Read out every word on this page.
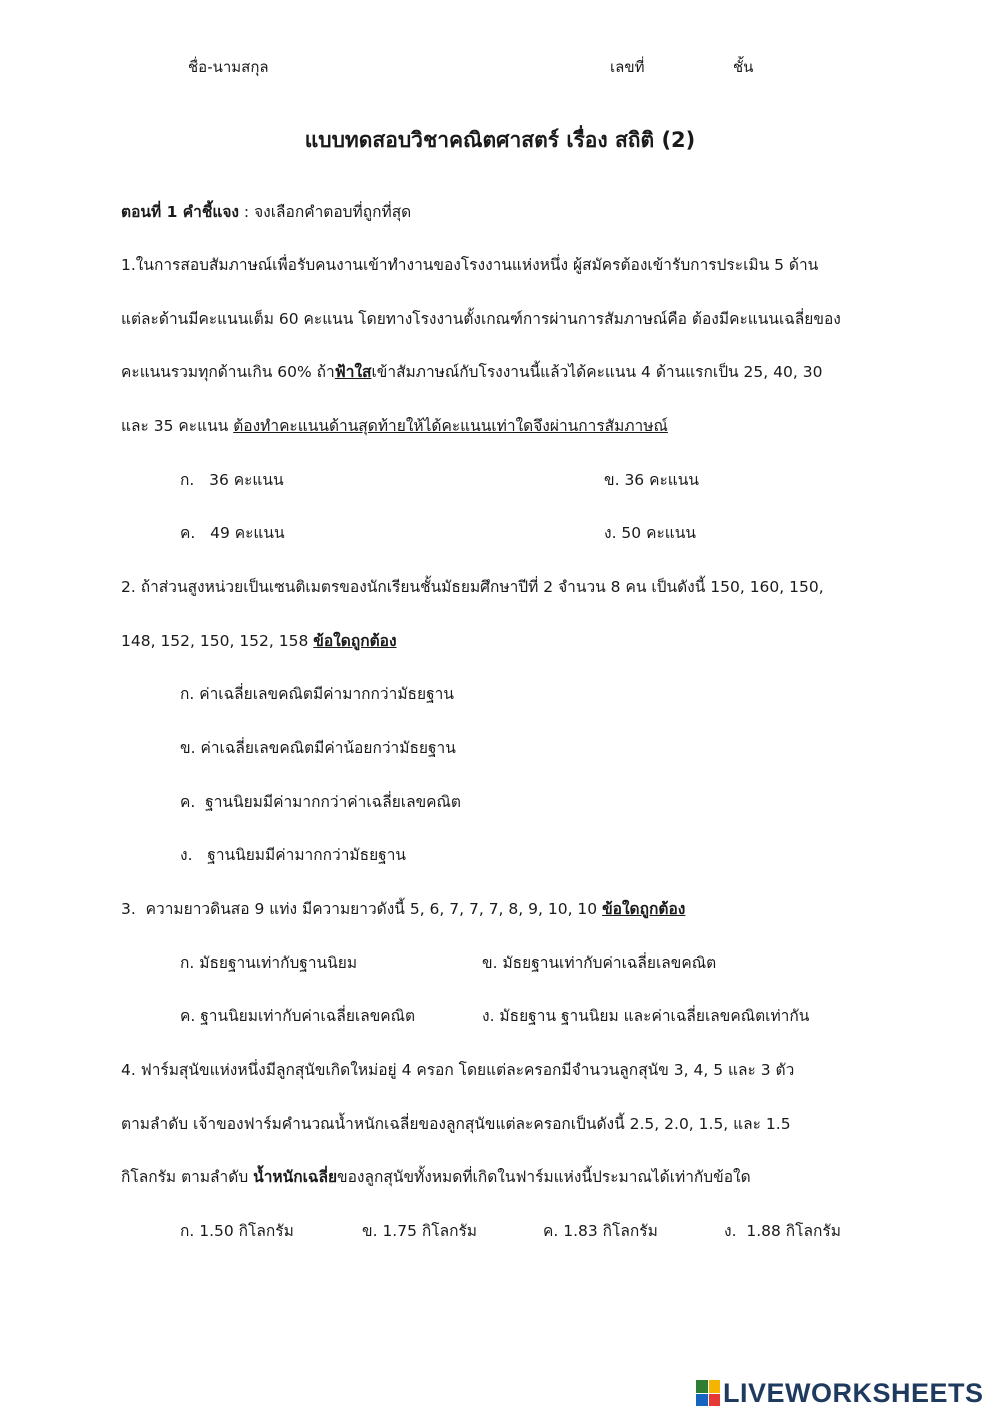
ชื่อ-นามสกุล	เลขที่	ชั้น
แบบทดสอบวิชาคณิตศาสตร์ เรื่อง สถิติ (2)
ตอนที่ 1 คำชี้แจง : จงเลือกคำตอบที่ถูกที่สุด
1.ในการสอบสัมภาษณ์เพื่อรับคนงานเข้าทำงานของโรงงานแห่งหนึ่ง ผู้สมัครต้องเข้ารับการประเมิน 5 ด้าน
แต่ละด้านมีคะแนนเต็ม 60 คะแนน โดยทางโรงงานตั้งเกณฑ์การผ่านการสัมภาษณ์คือ ต้องมีคะแนนเฉลี่ยของ
คะแนนรวมทุกด้านเกิน 60% ถ้าฟ้าใสเข้าสัมภาษณ์กับโรงงานนี้แล้วได้คะแนน 4 ด้านแรกเป็น 25, 40, 30
และ 35 คะแนน ต้องทำคะแนนด้านสุดท้ายให้ได้คะแนนเท่าใดจึงผ่านการสัมภาษณ์
ก.   36 คะแนน	ข. 36 คะแนน
ค.   49 คะแนน	ง. 50 คะแนน
2. ถ้าส่วนสูงหน่วยเป็นเซนติเมตรของนักเรียนชั้นมัธยมศึกษาปีที่ 2 จำนวน 8 คน เป็นดังนี้ 150, 160, 150,
148, 152, 150, 152, 158 ข้อใดถูกต้อง
ก. ค่าเฉลี่ยเลขคณิตมีค่ามากกว่ามัธยฐาน
ข. ค่าเฉลี่ยเลขคณิตมีค่าน้อยกว่ามัธยฐาน
ค.  ฐานนิยมมีค่ามากกว่าค่าเฉลี่ยเลขคณิต
ง.   ฐานนิยมมีค่ามากกว่ามัธยฐาน
3.  ความยาวดินสอ 9 แท่ง มีความยาวดังนี้ 5, 6, 7, 7, 7, 8, 9, 10, 10 ข้อใดถูกต้อง
ก. มัธยฐานเท่ากับฐานนิยม	ข. มัธยฐานเท่ากับค่าเฉลี่ยเลขคณิต
ค. ฐานนิยมเท่ากับค่าเฉลี่ยเลขคณิต	ง. มัธยฐาน ฐานนิยม และค่าเฉลี่ยเลขคณิตเท่ากัน
4. ฟาร์มสุนัขแห่งหนึ่งมีลูกสุนัขเกิดใหม่อยู่ 4 ครอก โดยแต่ละครอกมีจำนวนลูกสุนัข 3, 4, 5 และ 3 ตัว
ตามลำดับ เจ้าของฟาร์มคำนวณน้ำหนักเฉลี่ยของลูกสุนัขแต่ละครอกเป็นดังนี้ 2.5, 2.0, 1.5, และ 1.5
กิโลกรัม ตามลำดับ น้ำหนักเฉลี่ยของลูกสุนัขทั้งหมดที่เกิดในฟาร์มแห่งนี้ประมาณได้เท่ากับข้อใด
ก. 1.50 กิโลกรัม	ข. 1.75 กิโลกรัม	ค. 1.83 กิโลกรัม	ง.  1.88 กิโลกรัม
LIVEWORKSHEETS
